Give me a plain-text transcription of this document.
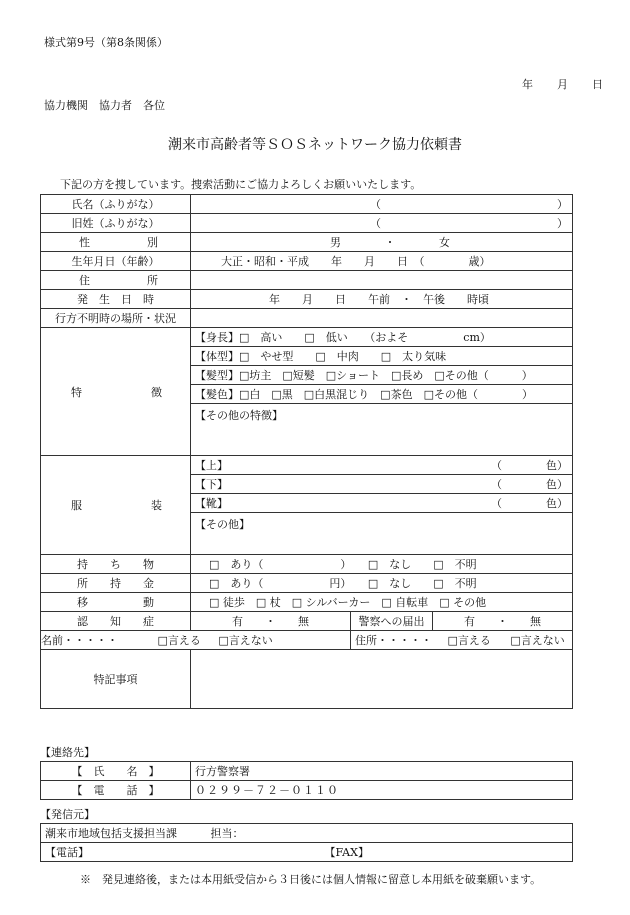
様式第9号（第8条関係）
年 月 日
協力機関　協力者　各位
潮来市高齢者等ＳＯＳネットワーク協力依頼書
下記の方を捜しています。捜索活動にご協力よろしくお願いいたします。
氏名（ふりがな）	（ ）		

旧姓（ふりがな）	（ ）		

性 別	男 ・ 女		
生年月日（年齢）	大正・昭和・平成　　年　　月　　日　（　　　　歳）		

住 所			

発　生　日　時	年　　月　　日　　午前　・　午後　　時頃		
行方不明時の場所・状況			

特 徴	【身長】□　高い　　□　低い　　（およそ　　　　　cm）		
	【体型】□　やせ型　　□　中肉　　□　太り気味		
	【髪型】□坊主　□短髪　□ショート　□長め　□その他（　　　）		
	【髪色】□白　□黒　□白黒混じり　□茶色　□その他（　　　　）		
	【その他の特徴】		

服 装	【上】 （　　　　色）		

	【下】 （　　　　色）		

	【靴】 （　　　　色）		

	【その他】		
持　　ち　　物	□　あり（　　　　　　　）　　□　なし　　□　不明		
所　　持　　金	□　あり（　　　　　　円）　　□　なし　　□　不明		
移　　　　　動	□ 徒歩　□ 杖　□ シルバーカー　□ 自転車　□ その他		
認　　知　　症	有　　・　　無	警察への届出	有　　・　　無
名前・・・・・ □言える □言えない		住所・・・・・ □言える □言えない	
特記事項			
【連絡先】
【　氏　　名　】	行方警察署
【　電　　話　】	０２９９－７２－０１１０
【発信元】
潮来市地域包括支援担当課	担当：
【電話】	【FAX】
※　発見連絡後，または本用紙受信から３日後には個人情報に留意し本用紙を破棄願います。
